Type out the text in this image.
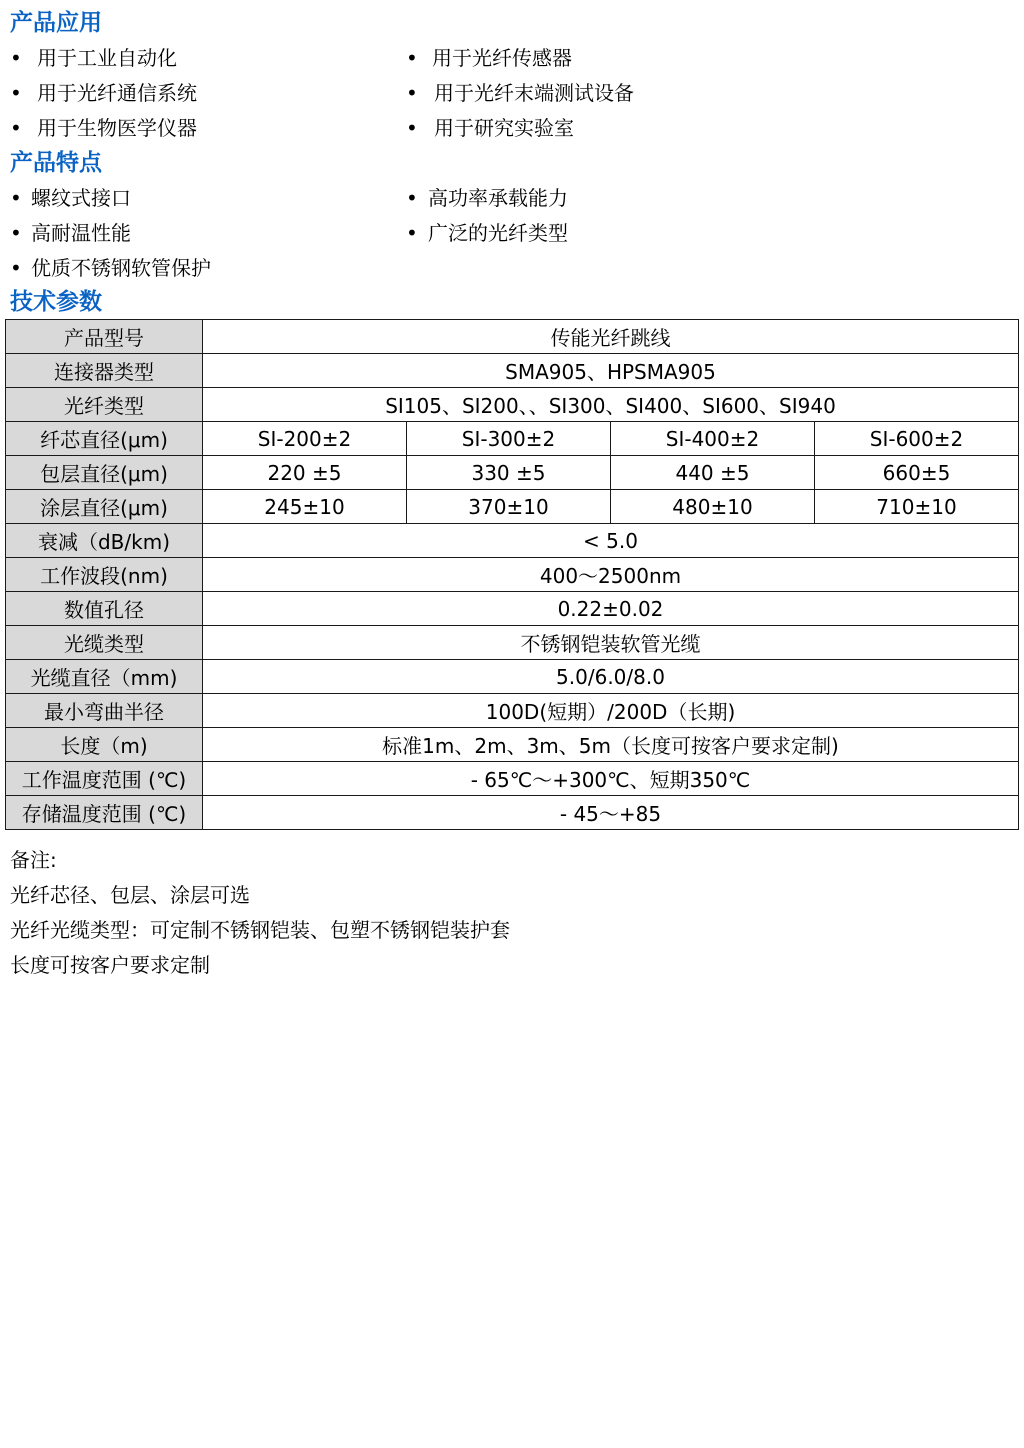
产品应用
• 用于工业自动化
• 用于光纤通信系统
• 用于生物医学仪器
• 用于光纤传感器
• 用于光纤末端测试设备
• 用于研究实验室
产品特点
• 螺纹式接口
• 高耐温性能
• 优质不锈钢软管保护
• 高功率承载能力
• 广泛的光纤类型
技术参数
产品型号	传能光纤跳线			
连接器类型	SMA905、HPSMA905			
光纤类型	SI105、SI200、、SI300、SI400、SI600、SI940			
纤芯直径(μm)	SI-200±2	SI-300±2	SI-400±2	SI-600±2
包层直径(μm)	220 ±5	330 ±5	440 ±5	660±5
涂层直径(μm)	245±10	370±10	480±10	710±10
衰减（dB/km)	< 5.0			
工作波段(nm)	400～2500nm			
数值孔径	0.22±0.02			
光缆类型	不锈钢铠装软管光缆			
光缆直径（mm)	5.0/6.0/8.0			
最小弯曲半径	100D(短期）/200D（长期)			
长度（m)	标准1m、2m、3m、5m（长度可按客户要求定制)			
工作温度范围 (℃)	- 65℃～+300℃、短期350℃			
存储温度范围 (℃)	- 45～+85			
备注:
光纤芯径、包层、涂层可选
光纤光缆类型：可定制不锈钢铠装、包塑不锈钢铠装护套
长度可按客户要求定制
